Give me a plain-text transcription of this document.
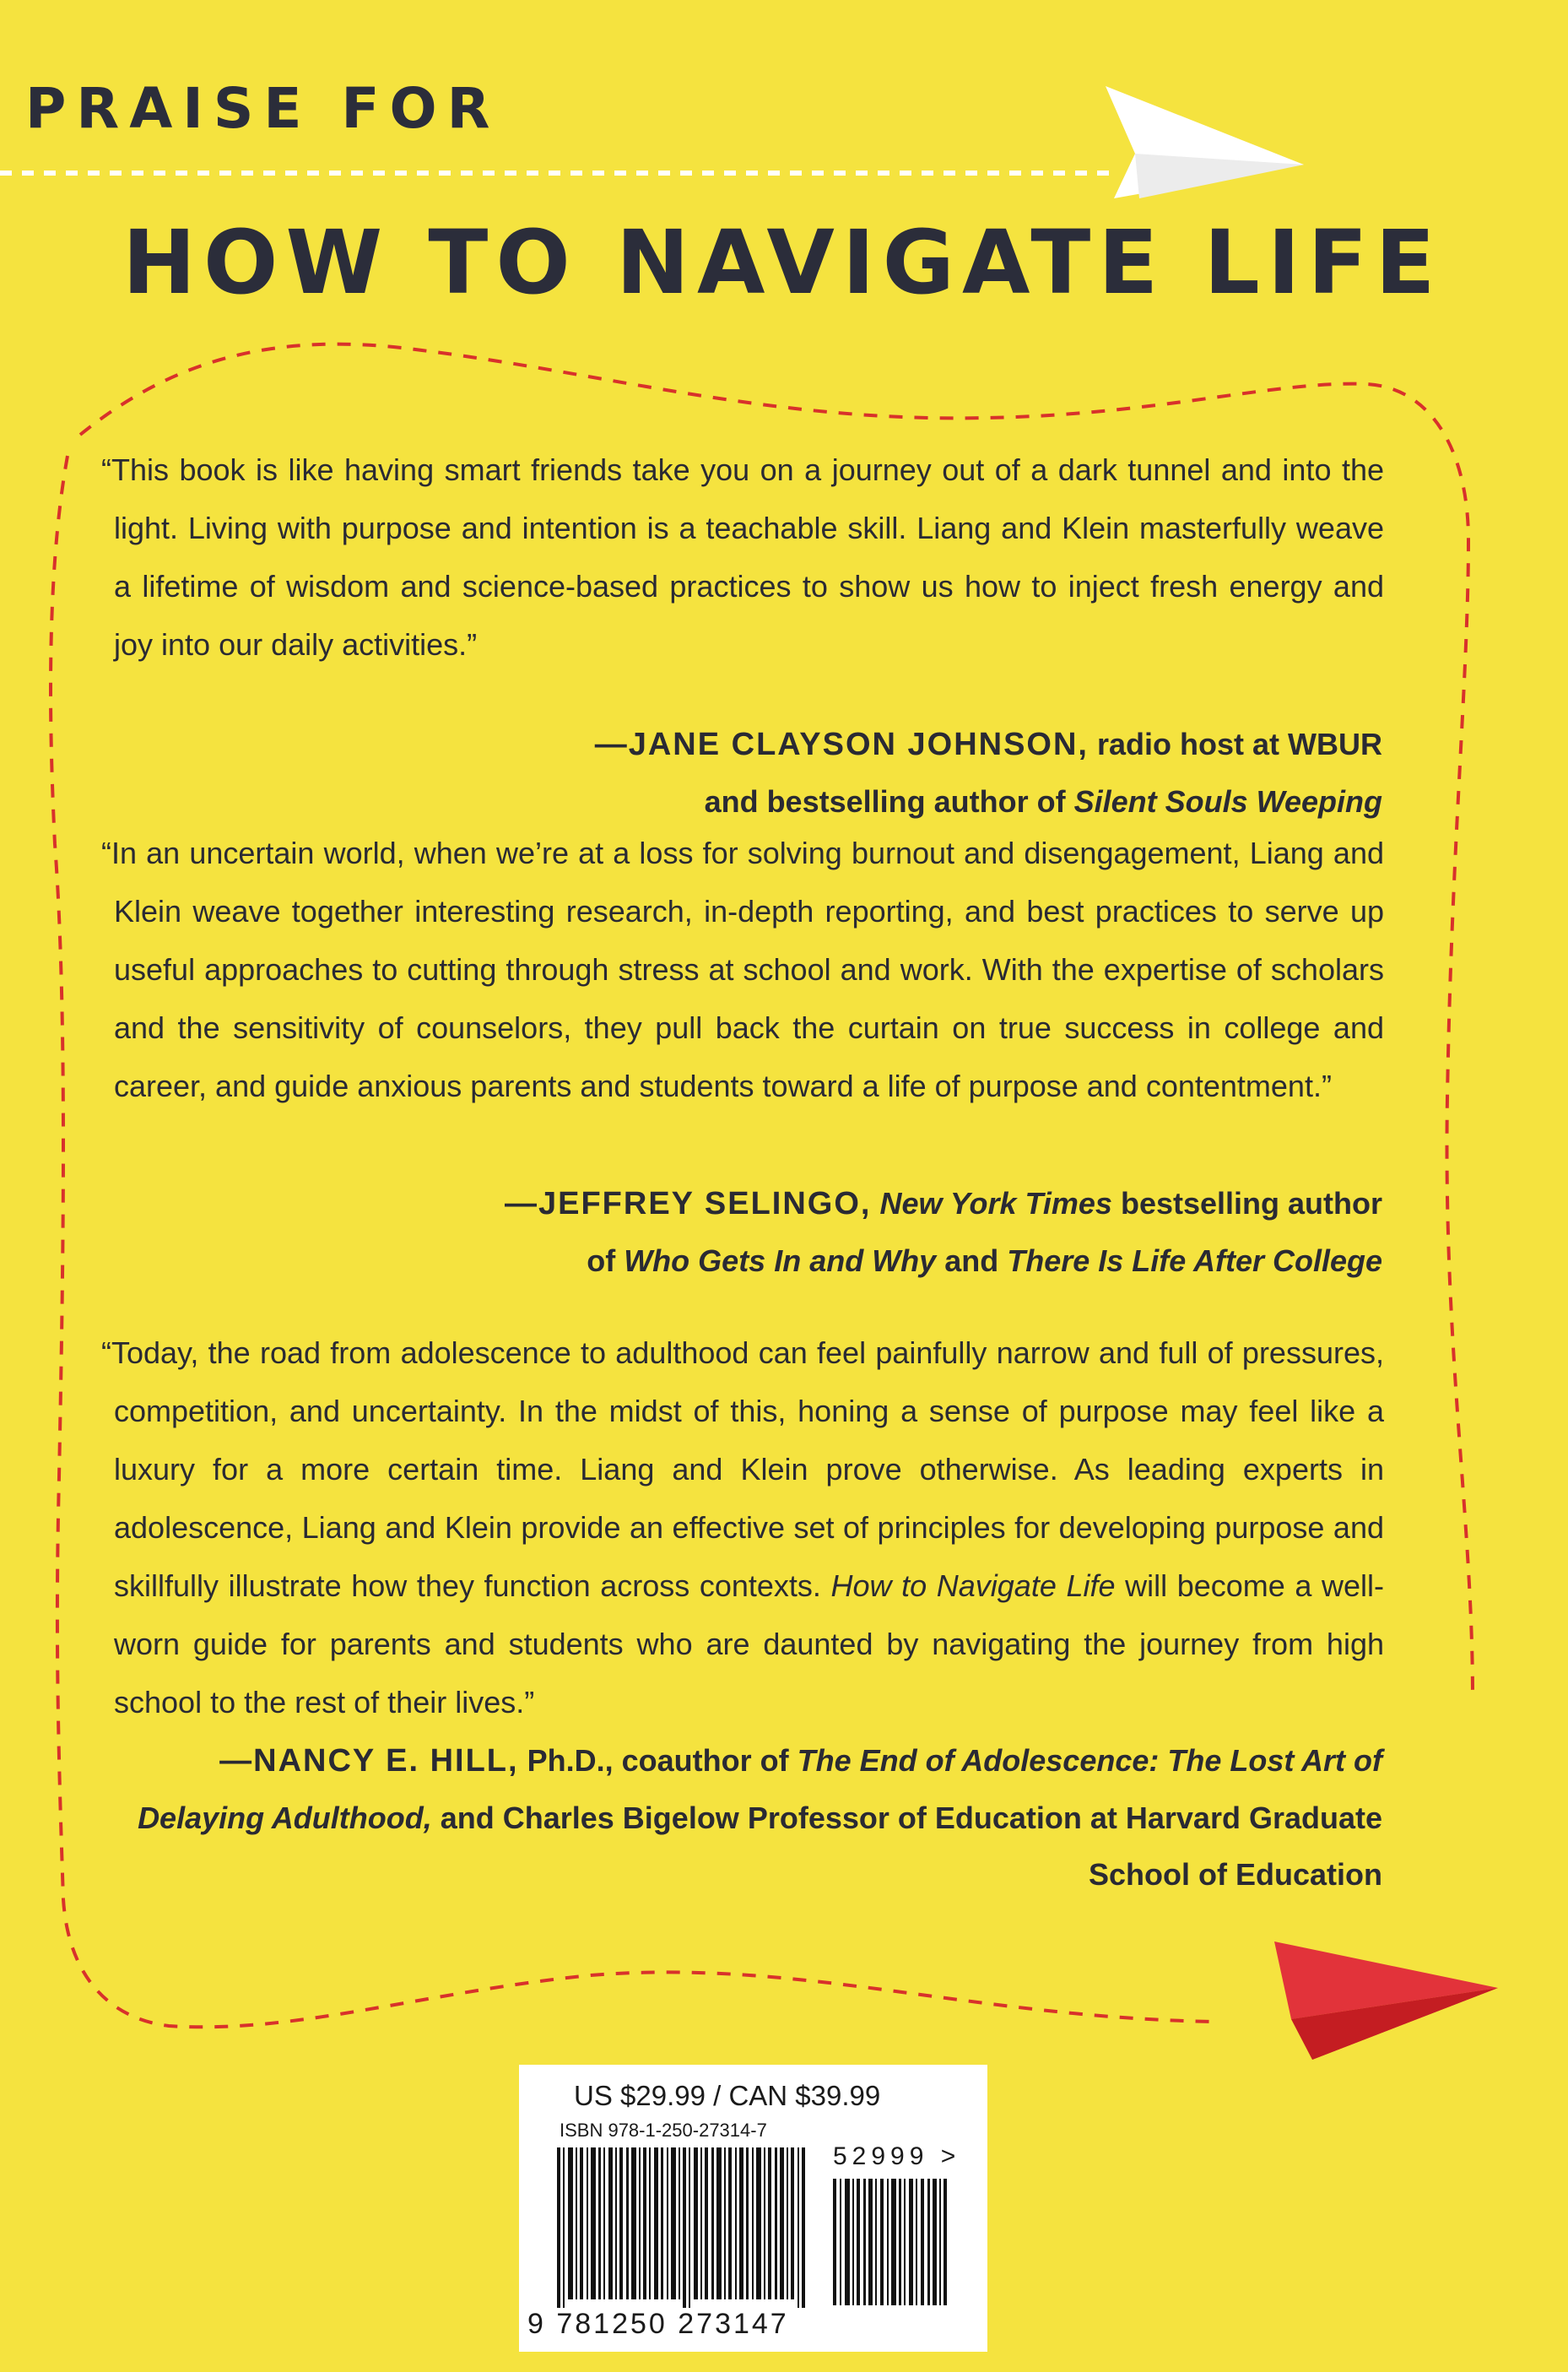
PRAISE FOR
HOW TO NAVIGATE LIFE

“This book is like having smart friends take you on a journey out of a dark tunnel and into the light. Living with purpose and intention is a teachable skill. Liang and Klein masterfully weave a lifetime of wisdom and science-based practices to show us how to inject fresh energy and joy into our daily activities.”

—JANE CLAYSON JOHNSON, radio host at WBUR
and bestselling author of Silent Souls Weeping

“In an uncertain world, when we’re at a loss for solving burnout and disengagement, Liang and Klein weave together interesting research, in-depth reporting, and best practices to serve up useful approaches to cutting through stress at school and work. With the expertise of scholars and the sensitivity of counselors, they pull back the curtain on true success in college and career, and guide anxious parents and students toward a life of purpose and contentment.”

—JEFFREY SELINGO, New York Times bestselling author
of Who Gets In and Why and There Is Life After College

“Today, the road from adolescence to adulthood can feel painfully narrow and full of pressures, competition, and uncertainty. In the midst of this, honing a sense of purpose may feel like a luxury for a more certain time. Liang and Klein prove otherwise. As leading experts in adolescence, Liang and Klein provide an effective set of principles for developing purpose and skillfully illustrate how they function across contexts. How to Navigate Life will become a well-worn guide for parents and students who are daunted by navigating the journey from high school to the rest of their lives.”

—NANCY E. HILL, Ph.D., coauthor of The End of Adolescence: The Lost Art of Delaying Adulthood, and Charles Bigelow Professor of Education at Harvard Graduate School of Education
US $29.99 / CAN $39.99
ISBN 978-1-250-27314-7
52999 >
9 781250 273147
